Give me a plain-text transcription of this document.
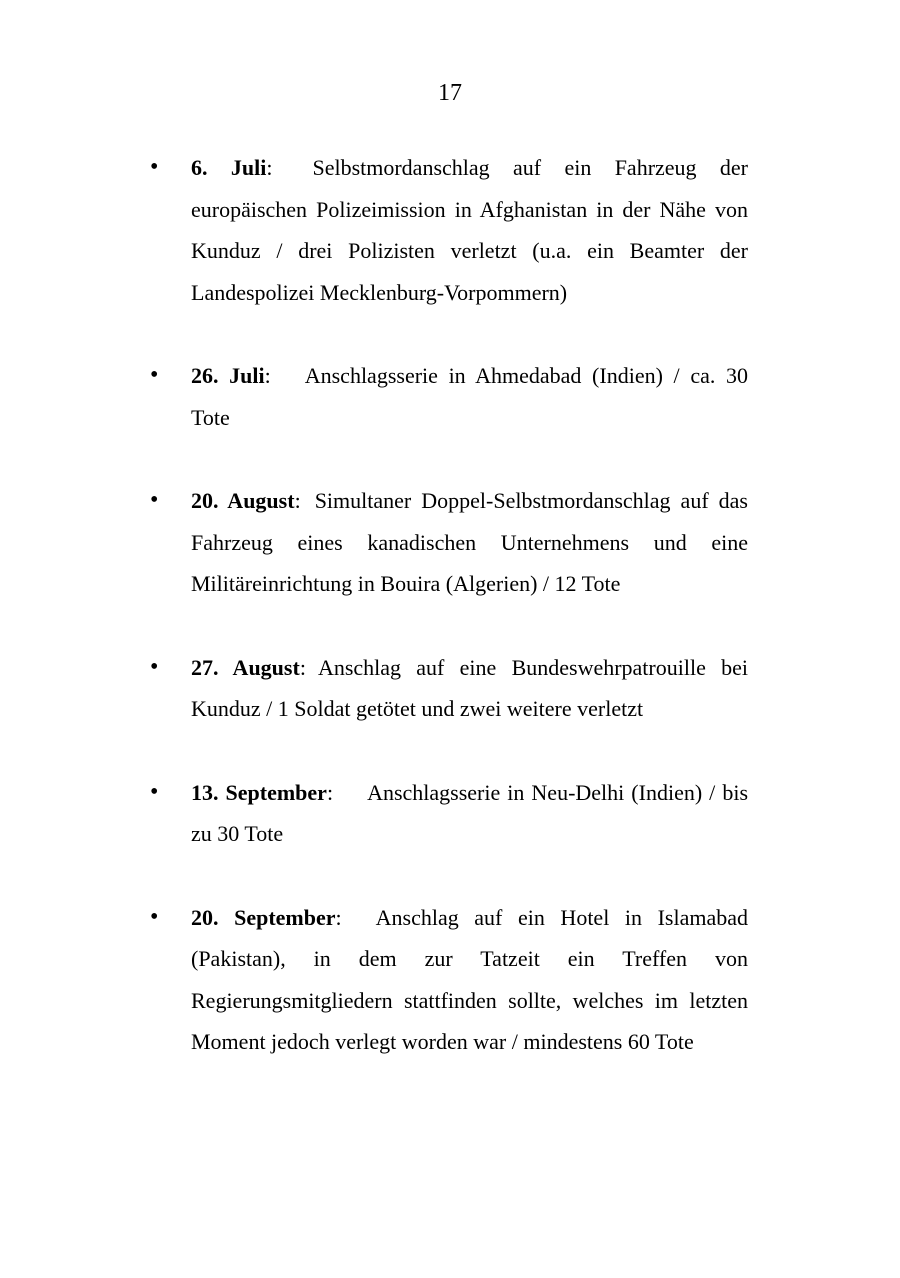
17
• 6. Juli: Selbstmordanschlag auf ein Fahrzeug der europäischen Polizeimission in Afghanistan in der Nähe von Kunduz / drei Polizisten verletzt (u.a. ein Beamter der Landespolizei Mecklenburg-Vorpommern)
• 26. Juli: Anschlagsserie in Ahmedabad (Indien) / ca. 30 Tote
• 20. August: Simultaner Doppel-Selbstmordanschlag auf das Fahrzeug eines kanadischen Unternehmens und eine Militäreinrichtung in Bouira (Algerien) / 12 Tote
• 27. August: Anschlag auf eine Bundeswehrpatrouille bei Kunduz / 1 Soldat getötet und zwei weitere verletzt
• 13. September: Anschlagsserie in Neu-Delhi (Indien) / bis zu 30 Tote
• 20. September: Anschlag auf ein Hotel in Islamabad (Pakistan), in dem zur Tatzeit ein Treffen von Regierungsmitgliedern stattfinden sollte, welches im letzten Moment jedoch verlegt worden war / mindestens 60 Tote
